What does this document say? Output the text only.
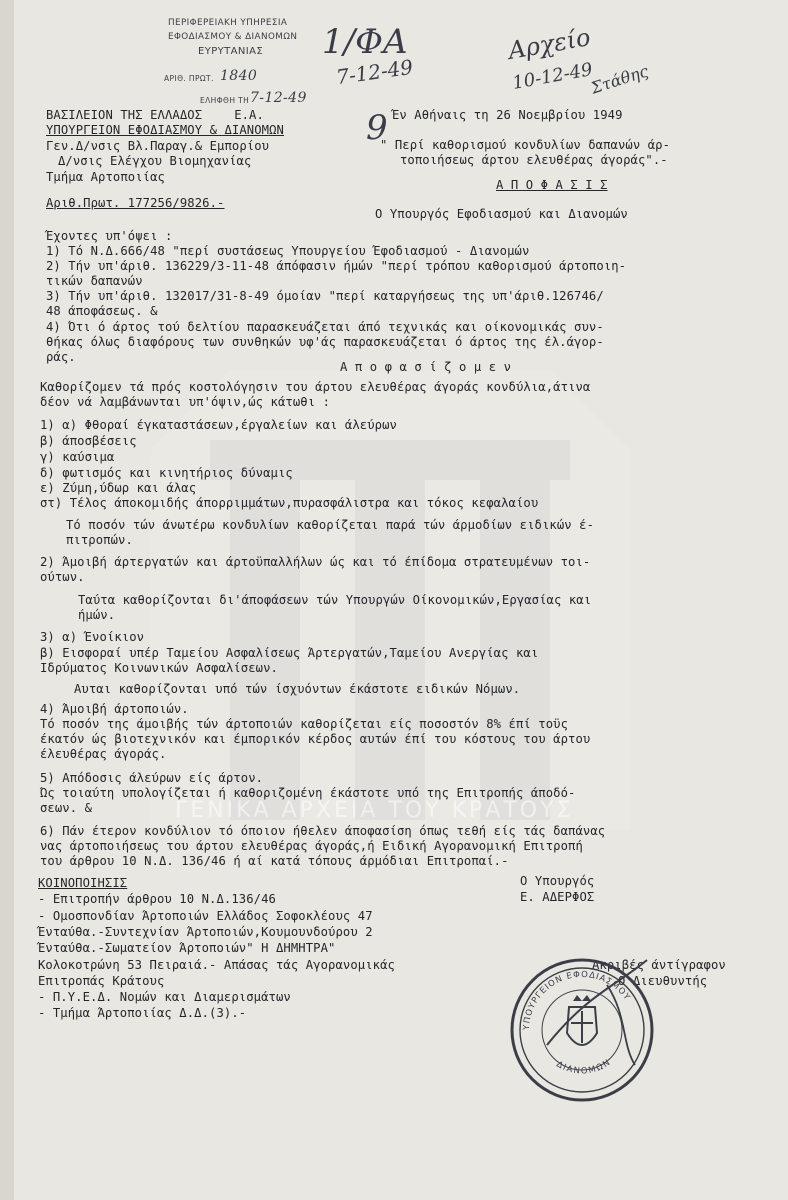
ΓΕΝΙΚΑ ΑΡΧΕΙΑ ΤΟΥ ΚΡΑΤΟΥΣ
ΠΕΡΙΦΕΡΕΙΑΚΗ ΥΠΗΡΕΣΙΑ
ΕΦΟΔΙΑΣΜΟΥ & ΔΙΑΝΟΜΩΝ
ΕΥΡΥΤΑΝΙΑΣ
ΑΡΙΘ. ΠΡΩΤ. 1840
ΕΛΗΦΘΗ ΤΗ 7-12-49
1/ΦΑ
7-12-49
Αρχείο
10-12-49
Στάθης
9
ΒΑΣΙΛΕΙΟΝ ΤΗΣ ΕΛΛΑΔΟΣ	Ε.Α.
ΥΠΟΥΡΓΕΙΟΝ ΕΦΟΔΙΑΣΜΟΥ & ΔΙΑΝΟΜΩΝ
Γεν.Δ/νσις Βλ.Παραγ.& Εμπορίου
Δ/νσις Ελέγχου Βιομηχανίας
Τμήμα Αρτοποιίας
Αριθ.Πρωτ. 177256/9826.-
Έν Αθήναις τη 26 Νοεμβρίου 1949
" Περί καθορισμού κονδυλίων δαπανών άρ-
τοποιήσεως άρτου ελευθέρας άγοράς".-
Α Π Ο Φ Α Σ Ι Σ
Ο Υπουργός Εφοδιασμού και Διανομών
Έχοντες υπ'όψει :
1) Τό Ν.Δ.666/48 "περί συστάσεως Υπουργείου Έφοδιασμού - Διανομών
2) Τήν υπ'άριθ. 136229/3-11-48 άπόφασιν ήμών "περί τρόπου καθορισμού άρτοποιη-
τικών δαπανών
3) Τήν υπ'άριθ. 132017/31-8-49 όμοίαν "περί καταργήσεως της υπ'άριθ.126746/
48 άποφάσεως. &
4) Ότι ό άρτος τού δελτίου παρασκευάζεται άπό τεχνικάς και οίκονομικάς συν-
θήκας όλως διαφόρους των συνθηκών υφ'άς παρασκευάζεται ό άρτος της έλ.άγορ-
ράς.
Α π ο φ α σ ί ζ ο μ ε ν
Καθορίζομεν τά πρός κοστολόγησιν του άρτου ελευθέρας άγοράς κονδύλια,άτινα
δέον νά λαμβάνωνται υπ'όψιν,ώς κάτωθι :
1) α) Φθοραί έγκαταστάσεων,έργαλείων και άλεύρων
β) άποσβέσεις
γ) καύσιμα
δ) φωτισμός και κινητήριος δύναμις
ε) Ζύμη,ύδωρ και άλας
στ) Τέλος άποκομιδής άπορριμμάτων,πυρασφάλιστρα και τόκος κεφαλαίου
Τό ποσόν τών άνωτέρω κονδυλίων καθορίζεται παρά τών άρμοδίων ειδικών έ-
πιτροπών.
2) Άμοιβή άρτεργατών και άρτοϋπαλλήλων ώς και τό έπίδομα στρατευμένων τοι-
ούτων.
Ταύτα καθορίζονται δι'άποφάσεων τών Υπουργών Οίκονομικών,Εργασίας και
ήμών.
3) α) Ένοίκιον
β) Εισφοραί υπέρ Ταμείου Ασφαλίσεως Άρτεργατών,Ταμείου Ανεργίας και
Ιδρύματος Κοινωνικών Ασφαλίσεων.
Αυται καθορίζονται υπό τών ίσχυόντων έκάστοτε ειδικών Νόμων.
4) Άμοιβή άρτοποιών.
Τό ποσόν της άμοιβής τών άρτοποιών καθορίζεται είς ποσοστόν 8% έπί τοϋς
έκατόν ώς βιοτεχνικόν και έμπορικόν κέρδος αυτών έπί του κόστους του άρτου
έλευθέρας άγοράς.
5) Απόδοσις άλεύρων είς άρτον.
Ώς τοιαύτη υπολογίζεται ή καθοριζομένη έκάστοτε υπό της Επιτροπής άποδό-
σεων. &
6) Πάν έτερον κονδύλιον τό όποιον ήθελεν άποφασίση όπως τεθή είς τάς δαπάνας
νας άρτοποιήσεως του άρτου ελευθέρας άγοράς,ή Ειδική Αγορανομική Επιτροπή
του άρθρου 10 Ν.Δ. 136/46 ή αί κατά τόπους άρμόδιαι Επιτροπαί.-
Ο Υπουργός
Ε. ΑΔΕΡΦΟΣ
ΚΟΙΝΟΠΟΙΗΣΙΣ
- Επιτροπήν άρθρου 10 Ν.Δ.136/46
- Ομοσπονδίαν Άρτοποιών Ελλάδος Σοφοκλέους 47
Ένταύθα.-Συντεχνίαν Άρτοποιών,Κουμουνδούρου 2
Ένταύθα.-Σωματείον Άρτοποιών" Η ΔΗΜΗΤΡΑ"
Κολοκοτρώνη 53 Πειραιά.- Απάσας τάς Αγορανομικάς
Επιτροπάς Κράτους
- Π.Υ.Ε.Δ. Νομών και Διαμερισμάτων
- Τμήμα Άρτοποιίας Δ.Δ.(3).-
Ακριβές άντίγραφον
Ο Διευθυντής
ΥΠΟΥΡΓΕΙΟΝ ΕΦΟΔΙΑΣΜΟΥ
ΔΙΑΝΟΜΩΝ
